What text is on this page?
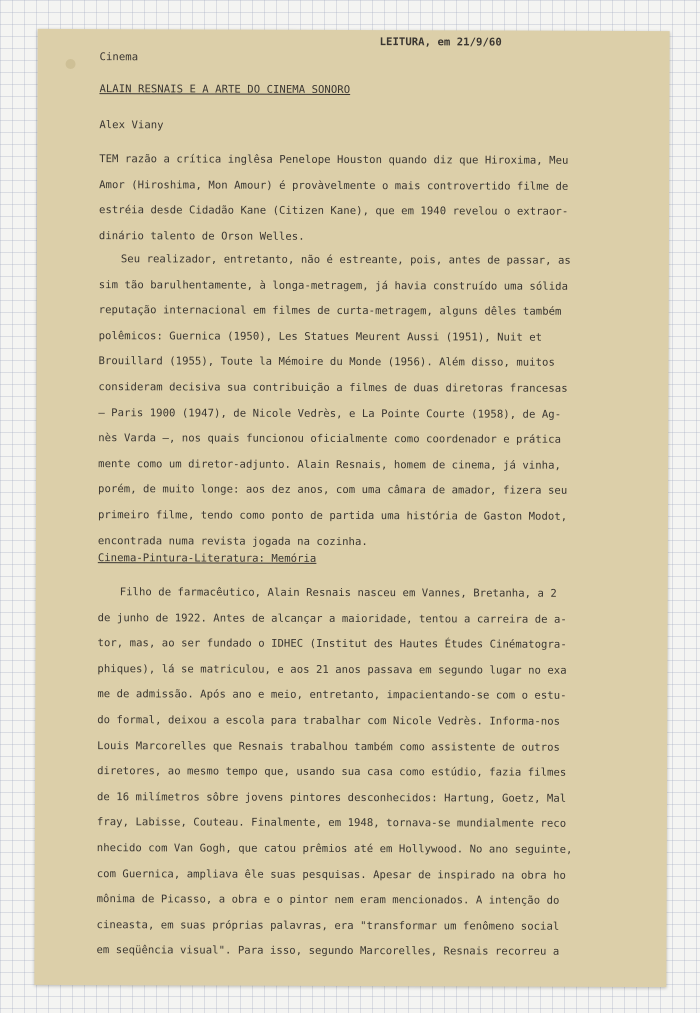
Cinema
LEITURA, em 21/9/60
ALAIN RESNAIS E A ARTE DO CINEMA SONORO
Alex Viany
TEM razão a crítica inglêsa Penelope Houston quando diz que Hiroxima, Meu
Amor (Hiroshima, Mon Amour) é provàvelmente o mais controvertido filme de
estréia desde Cidadão Kane (Citizen Kane), que em 1940 revelou o extraor-
dinário talento de Orson Welles.
Seu realizador, entretanto, não é estreante, pois, antes de passar, as
sim tão barulhentamente, à longa-metragem, já havia construído uma sólida
reputação internacional em filmes de curta-metragem, alguns dêles também
polêmicos: Guernica (1950), Les Statues Meurent Aussi (1951), Nuit et
Brouillard (1955), Toute la Mémoire du Monde (1956). Além disso, muitos
consideram decisiva sua contribuição a filmes de duas diretoras francesas
— Paris 1900 (1947), de Nicole Vedrès, e La Pointe Courte (1958), de Ag-
nès Varda —, nos quais funcionou oficialmente como coordenador e prática
mente como um diretor-adjunto. Alain Resnais, homem de cinema, já vinha,
porém, de muito longe: aos dez anos, com uma câmara de amador, fizera seu
primeiro filme, tendo como ponto de partida uma história de Gaston Modot,
encontrada numa revista jogada na cozinha.
Cinema-Pintura-Literatura: Memória
Filho de farmacêutico, Alain Resnais nasceu em Vannes, Bretanha, a 2
de junho de 1922. Antes de alcançar a maioridade, tentou a carreira de a-
tor, mas, ao ser fundado o IDHEC (Institut des Hautes Études Cinématogra-
phiques), lá se matriculou, e aos 21 anos passava em segundo lugar no exa
me de admissão. Após ano e meio, entretanto, impacientando-se com o estu-
do formal, deixou a escola para trabalhar com Nicole Vedrès. Informa-nos
Louis Marcorelles que Resnais trabalhou também como assistente de outros
diretores, ao mesmo tempo que, usando sua casa como estúdio, fazia filmes
de 16 milímetros sôbre jovens pintores desconhecidos: Hartung, Goetz, Mal
fray, Labisse, Couteau. Finalmente, em 1948, tornava-se mundialmente reco
nhecido com Van Gogh, que catou prêmios até em Hollywood. No ano seguinte,
com Guernica, ampliava êle suas pesquisas. Apesar de inspirado na obra ho
mônima de Picasso, a obra e o pintor nem eram mencionados. A intenção do
cineasta, em suas próprias palavras, era "transformar um fenômeno social
em seqüência visual". Para isso, segundo Marcorelles, Resnais recorreu a
